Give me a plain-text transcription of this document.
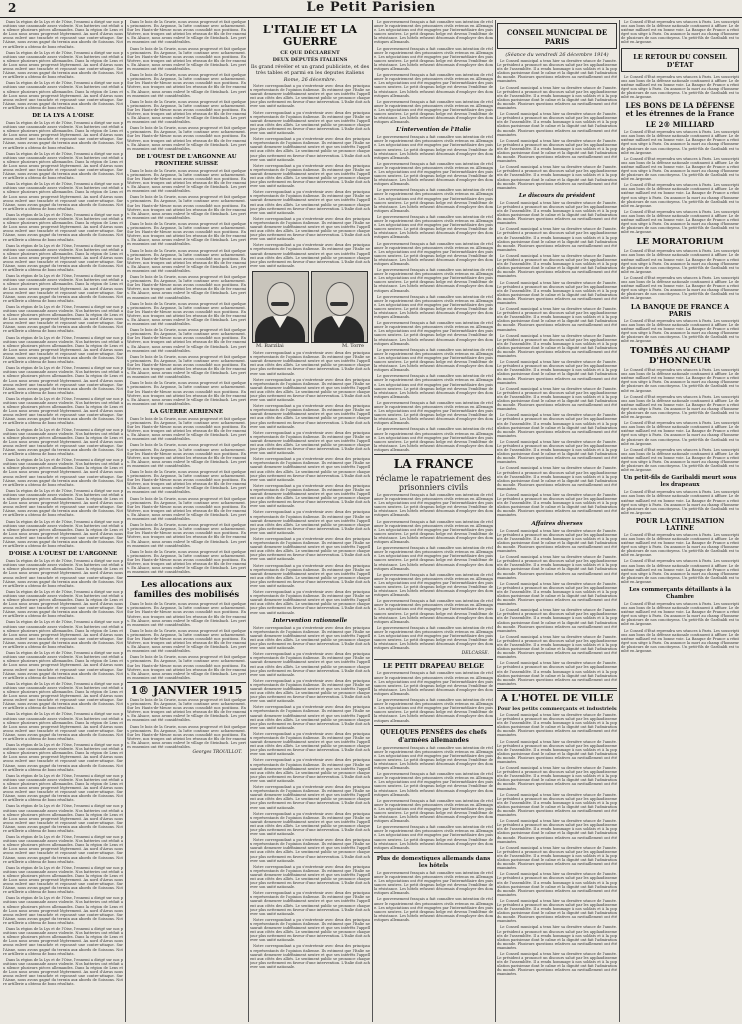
2	Le Petit Parisien

Dans la région de la Lys et de l'Oise, l'ennemi a dirigé sur nos positions une canonnade assez violente. Nos batteries ont réduit au silence plusieurs pièces allemandes. Dans la région de Lens et de Loos nous avons progressé légèrement. Au nord d'Arras nous avons enlevé une tranchée et repoussé une contre-attaque. Sur l'Aisne, nous avons gagné du terrain aux abords de Soissons. Notre artillerie a obtenu de bons résultats.

Dans la région de la Lys et de l'Oise, l'ennemi a dirigé sur nos positions une canonnade assez violente. Nos batteries ont réduit au silence plusieurs pièces allemandes. Dans la région de Lens et de Loos nous avons progressé légèrement. Au nord d'Arras nous avons enlevé une tranchée et repoussé une contre-attaque. Sur l'Aisne, nous avons gagné du terrain aux abords de Soissons. Notre artillerie a obtenu de bons résultats.

Dans la région de la Lys et de l'Oise, l'ennemi a dirigé sur nos positions une canonnade assez violente. Nos batteries ont réduit au silence plusieurs pièces allemandes. Dans la région de Lens et de Loos nous avons progressé légèrement. Au nord d'Arras nous avons enlevé une tranchée et repoussé une contre-attaque. Sur l'Aisne, nous avons gagné du terrain aux abords de Soissons. Notre artillerie a obtenu de bons résultats.

DE LA LYS A L'OISE

Dans la région de la Lys et de l'Oise, l'ennemi a dirigé sur nos positions une canonnade assez violente. Nos batteries ont réduit au silence plusieurs pièces allemandes. Dans la région de Lens et de Loos nous avons progressé légèrement. Au nord d'Arras nous avons enlevé une tranchée et repoussé une contre-attaque. Sur l'Aisne, nous avons gagné du terrain aux abords de Soissons. Notre artillerie a obtenu de bons résultats.

Dans la région de la Lys et de l'Oise, l'ennemi a dirigé sur nos positions une canonnade assez violente. Nos batteries ont réduit au silence plusieurs pièces allemandes. Dans la région de Lens et de Loos nous avons progressé légèrement. Au nord d'Arras nous avons enlevé une tranchée et repoussé une contre-attaque. Sur l'Aisne, nous avons gagné du terrain aux abords de Soissons. Notre artillerie a obtenu de bons résultats.

Dans la région de la Lys et de l'Oise, l'ennemi a dirigé sur nos positions une canonnade assez violente. Nos batteries ont réduit au silence plusieurs pièces allemandes. Dans la région de Lens et de Loos nous avons progressé légèrement. Au nord d'Arras nous avons enlevé une tranchée et repoussé une contre-attaque. Sur l'Aisne, nous avons gagné du terrain aux abords de Soissons. Notre artillerie a obtenu de bons résultats.

Dans la région de la Lys et de l'Oise, l'ennemi a dirigé sur nos positions une canonnade assez violente. Nos batteries ont réduit au silence plusieurs pièces allemandes. Dans la région de Lens et de Loos nous avons progressé légèrement. Au nord d'Arras nous avons enlevé une tranchée et repoussé une contre-attaque. Sur l'Aisne, nous avons gagné du terrain aux abords de Soissons. Notre artillerie a obtenu de bons résultats.

Dans la région de la Lys et de l'Oise, l'ennemi a dirigé sur nos positions une canonnade assez violente. Nos batteries ont réduit au silence plusieurs pièces allemandes. Dans la région de Lens et de Loos nous avons progressé légèrement. Au nord d'Arras nous avons enlevé une tranchée et repoussé une contre-attaque. Sur l'Aisne, nous avons gagné du terrain aux abords de Soissons. Notre artillerie a obtenu de bons résultats.

Dans la région de la Lys et de l'Oise, l'ennemi a dirigé sur nos positions une canonnade assez violente. Nos batteries ont réduit au silence plusieurs pièces allemandes. Dans la région de Lens et de Loos nous avons progressé légèrement. Au nord d'Arras nous avons enlevé une tranchée et repoussé une contre-attaque. Sur l'Aisne, nous avons gagné du terrain aux abords de Soissons. Notre artillerie a obtenu de bons résultats.

Dans la région de la Lys et de l'Oise, l'ennemi a dirigé sur nos positions une canonnade assez violente. Nos batteries ont réduit au silence plusieurs pièces allemandes. Dans la région de Lens et de Loos nous avons progressé légèrement. Au nord d'Arras nous avons enlevé une tranchée et repoussé une contre-attaque. Sur l'Aisne, nous avons gagné du terrain aux abords de Soissons. Notre artillerie a obtenu de bons résultats.

Dans la région de la Lys et de l'Oise, l'ennemi a dirigé sur nos positions une canonnade assez violente. Nos batteries ont réduit au silence plusieurs pièces allemandes. Dans la région de Lens et de Loos nous avons progressé légèrement. Au nord d'Arras nous avons enlevé une tranchée et repoussé une contre-attaque. Sur l'Aisne, nous avons gagné du terrain aux abords de Soissons. Notre artillerie a obtenu de bons résultats.

Dans la région de la Lys et de l'Oise, l'ennemi a dirigé sur nos positions une canonnade assez violente. Nos batteries ont réduit au silence plusieurs pièces allemandes. Dans la région de Lens et de Loos nous avons progressé légèrement. Au nord d'Arras nous avons enlevé une tranchée et repoussé une contre-attaque. Sur l'Aisne, nous avons gagné du terrain aux abords de Soissons. Notre artillerie a obtenu de bons résultats.

Dans la région de la Lys et de l'Oise, l'ennemi a dirigé sur nos positions une canonnade assez violente. Nos batteries ont réduit au silence plusieurs pièces allemandes. Dans la région de Lens et de Loos nous avons progressé légèrement. Au nord d'Arras nous avons enlevé une tranchée et repoussé une contre-attaque. Sur l'Aisne, nous avons gagné du terrain aux abords de Soissons. Notre artillerie a obtenu de bons résultats.

Dans la région de la Lys et de l'Oise, l'ennemi a dirigé sur nos positions une canonnade assez violente. Nos batteries ont réduit au silence plusieurs pièces allemandes. Dans la région de Lens et de Loos nous avons progressé légèrement. Au nord d'Arras nous avons enlevé une tranchée et repoussé une contre-attaque. Sur l'Aisne, nous avons gagné du terrain aux abords de Soissons. Notre artillerie a obtenu de bons résultats.

Dans la région de la Lys et de l'Oise, l'ennemi a dirigé sur nos positions une canonnade assez violente. Nos batteries ont réduit au silence plusieurs pièces allemandes. Dans la région de Lens et de Loos nous avons progressé légèrement. Au nord d'Arras nous avons enlevé une tranchée et repoussé une contre-attaque. Sur l'Aisne, nous avons gagné du terrain aux abords de Soissons. Notre artillerie a obtenu de bons résultats.

Dans la région de la Lys et de l'Oise, l'ennemi a dirigé sur nos positions une canonnade assez violente. Nos batteries ont réduit au silence plusieurs pièces allemandes. Dans la région de Lens et de Loos nous avons progressé légèrement. Au nord d'Arras nous avons enlevé une tranchée et repoussé une contre-attaque. Sur l'Aisne, nous avons gagné du terrain aux abords de Soissons. Notre artillerie a obtenu de bons résultats.

Dans la région de la Lys et de l'Oise, l'ennemi a dirigé sur nos positions une canonnade assez violente. Nos batteries ont réduit au silence plusieurs pièces allemandes. Dans la région de Lens et de Loos nous avons progressé légèrement. Au nord d'Arras nous avons enlevé une tranchée et repoussé une contre-attaque. Sur l'Aisne, nous avons gagné du terrain aux abords de Soissons. Notre artillerie a obtenu de bons résultats.

D'OISE A L'OUEST DE L'ARGONNE

Dans la région de la Lys et de l'Oise, l'ennemi a dirigé sur nos positions une canonnade assez violente. Nos batteries ont réduit au silence plusieurs pièces allemandes. Dans la région de Lens et de Loos nous avons progressé légèrement. Au nord d'Arras nous avons enlevé une tranchée et repoussé une contre-attaque. Sur l'Aisne, nous avons gagné du terrain aux abords de Soissons. Notre artillerie a obtenu de bons résultats.

Dans la région de la Lys et de l'Oise, l'ennemi a dirigé sur nos positions une canonnade assez violente. Nos batteries ont réduit au silence plusieurs pièces allemandes. Dans la région de Lens et de Loos nous avons progressé légèrement. Au nord d'Arras nous avons enlevé une tranchée et repoussé une contre-attaque. Sur l'Aisne, nous avons gagné du terrain aux abords de Soissons. Notre artillerie a obtenu de bons résultats.

Dans la région de la Lys et de l'Oise, l'ennemi a dirigé sur nos positions une canonnade assez violente. Nos batteries ont réduit au silence plusieurs pièces allemandes. Dans la région de Lens et de Loos nous avons progressé légèrement. Au nord d'Arras nous avons enlevé une tranchée et repoussé une contre-attaque. Sur l'Aisne, nous avons gagné du terrain aux abords de Soissons. Notre artillerie a obtenu de bons résultats.

Dans la région de la Lys et de l'Oise, l'ennemi a dirigé sur nos positions une canonnade assez violente. Nos batteries ont réduit au silence plusieurs pièces allemandes. Dans la région de Lens et de Loos nous avons progressé légèrement. Au nord d'Arras nous avons enlevé une tranchée et repoussé une contre-attaque. Sur l'Aisne, nous avons gagné du terrain aux abords de Soissons. Notre artillerie a obtenu de bons résultats.

Dans la région de la Lys et de l'Oise, l'ennemi a dirigé sur nos positions une canonnade assez violente. Nos batteries ont réduit au silence plusieurs pièces allemandes. Dans la région de Lens et de Loos nous avons progressé légèrement. Au nord d'Arras nous avons enlevé une tranchée et repoussé une contre-attaque. Sur l'Aisne, nous avons gagné du terrain aux abords de Soissons. Notre artillerie a obtenu de bons résultats.

Dans la région de la Lys et de l'Oise, l'ennemi a dirigé sur nos positions une canonnade assez violente. Nos batteries ont réduit au silence plusieurs pièces allemandes. Dans la région de Lens et de Loos nous avons progressé légèrement. Au nord d'Arras nous avons enlevé une tranchée et repoussé une contre-attaque. Sur l'Aisne, nous avons gagné du terrain aux abords de Soissons. Notre artillerie a obtenu de bons résultats.

Dans la région de la Lys et de l'Oise, l'ennemi a dirigé sur nos positions une canonnade assez violente. Nos batteries ont réduit au silence plusieurs pièces allemandes. Dans la région de Lens et de Loos nous avons progressé légèrement. Au nord d'Arras nous avons enlevé une tranchée et repoussé une contre-attaque. Sur l'Aisne, nous avons gagné du terrain aux abords de Soissons. Notre artillerie a obtenu de bons résultats.

Dans la région de la Lys et de l'Oise, l'ennemi a dirigé sur nos positions une canonnade assez violente. Nos batteries ont réduit au silence plusieurs pièces allemandes. Dans la région de Lens et de Loos nous avons progressé légèrement. Au nord d'Arras nous avons enlevé une tranchée et repoussé une contre-attaque. Sur l'Aisne, nous avons gagné du terrain aux abords de Soissons. Notre artillerie a obtenu de bons résultats.

Dans la région de la Lys et de l'Oise, l'ennemi a dirigé sur nos positions une canonnade assez violente. Nos batteries ont réduit au silence plusieurs pièces allemandes. Dans la région de Lens et de Loos nous avons progressé légèrement. Au nord d'Arras nous avons enlevé une tranchée et repoussé une contre-attaque. Sur l'Aisne, nous avons gagné du terrain aux abords de Soissons. Notre artillerie a obtenu de bons résultats.

Dans la région de la Lys et de l'Oise, l'ennemi a dirigé sur nos positions une canonnade assez violente. Nos batteries ont réduit au silence plusieurs pièces allemandes. Dans la région de Lens et de Loos nous avons progressé légèrement. Au nord d'Arras nous avons enlevé une tranchée et repoussé une contre-attaque. Sur l'Aisne, nous avons gagné du terrain aux abords de Soissons. Notre artillerie a obtenu de bons résultats.

Dans la région de la Lys et de l'Oise, l'ennemi a dirigé sur nos positions une canonnade assez violente. Nos batteries ont réduit au silence plusieurs pièces allemandes. Dans la région de Lens et de Loos nous avons progressé légèrement. Au nord d'Arras nous avons enlevé une tranchée et repoussé une contre-attaque. Sur l'Aisne, nous avons gagné du terrain aux abords de Soissons. Notre artillerie a obtenu de bons résultats.

Dans la région de la Lys et de l'Oise, l'ennemi a dirigé sur nos positions une canonnade assez violente. Nos batteries ont réduit au silence plusieurs pièces allemandes. Dans la région de Lens et de Loos nous avons progressé légèrement. Au nord d'Arras nous avons enlevé une tranchée et repoussé une contre-attaque. Sur l'Aisne, nous avons gagné du terrain aux abords de Soissons. Notre artillerie a obtenu de bons résultats.

Dans la région de la Lys et de l'Oise, l'ennemi a dirigé sur nos positions une canonnade assez violente. Nos batteries ont réduit au silence plusieurs pièces allemandes. Dans la région de Lens et de Loos nous avons progressé légèrement. Au nord d'Arras nous avons enlevé une tranchée et repoussé une contre-attaque. Sur l'Aisne, nous avons gagné du terrain aux abords de Soissons. Notre artillerie a obtenu de bons résultats.

Dans la région de la Lys et de l'Oise, l'ennemi a dirigé sur nos positions une canonnade assez violente. Nos batteries ont réduit au silence plusieurs pièces allemandes. Dans la région de Lens et de Loos nous avons progressé légèrement. Au nord d'Arras nous avons enlevé une tranchée et repoussé une contre-attaque. Sur l'Aisne, nous avons gagné du terrain aux abords de Soissons. Notre artillerie a obtenu de bons résultats.

Dans le bois de la Grurie, nous avons progressé et fait quelques prisonniers. En Argonne, la lutte continue avec acharnement. Sur les Hauts-de-Meuse nous avons consolidé nos positions. En Woëvre, nos troupes ont atteint les réseaux de fils de fer ennemis. En Alsace, nous avons enlevé le village de Steinbach. Les pertes ennemies ont été considérables.

Dans le bois de la Grurie, nous avons progressé et fait quelques prisonniers. En Argonne, la lutte continue avec acharnement. Sur les Hauts-de-Meuse nous avons consolidé nos positions. En Woëvre, nos troupes ont atteint les réseaux de fils de fer ennemis. En Alsace, nous avons enlevé le village de Steinbach. Les pertes ennemies ont été considérables.

Dans le bois de la Grurie, nous avons progressé et fait quelques prisonniers. En Argonne, la lutte continue avec acharnement. Sur les Hauts-de-Meuse nous avons consolidé nos positions. En Woëvre, nos troupes ont atteint les réseaux de fils de fer ennemis. En Alsace, nous avons enlevé le village de Steinbach. Les pertes ennemies ont été considérables.

Dans le bois de la Grurie, nous avons progressé et fait quelques prisonniers. En Argonne, la lutte continue avec acharnement. Sur les Hauts-de-Meuse nous avons consolidé nos positions. En Woëvre, nos troupes ont atteint les réseaux de fils de fer ennemis. En Alsace, nous avons enlevé le village de Steinbach. Les pertes ennemies ont été considérables.

Dans le bois de la Grurie, nous avons progressé et fait quelques prisonniers. En Argonne, la lutte continue avec acharnement. Sur les Hauts-de-Meuse nous avons consolidé nos positions. En Woëvre, nos troupes ont atteint les réseaux de fils de fer ennemis. En Alsace, nous avons enlevé le village de Steinbach. Les pertes ennemies ont été considérables.

DE L'OUEST DE L'ARGONNE AU FRONTIERE SUISSE

Dans le bois de la Grurie, nous avons progressé et fait quelques prisonniers. En Argonne, la lutte continue avec acharnement. Sur les Hauts-de-Meuse nous avons consolidé nos positions. En Woëvre, nos troupes ont atteint les réseaux de fils de fer ennemis. En Alsace, nous avons enlevé le village de Steinbach. Les pertes ennemies ont été considérables.

Dans le bois de la Grurie, nous avons progressé et fait quelques prisonniers. En Argonne, la lutte continue avec acharnement. Sur les Hauts-de-Meuse nous avons consolidé nos positions. En Woëvre, nos troupes ont atteint les réseaux de fils de fer ennemis. En Alsace, nous avons enlevé le village de Steinbach. Les pertes ennemies ont été considérables.

Dans le bois de la Grurie, nous avons progressé et fait quelques prisonniers. En Argonne, la lutte continue avec acharnement. Sur les Hauts-de-Meuse nous avons consolidé nos positions. En Woëvre, nos troupes ont atteint les réseaux de fils de fer ennemis. En Alsace, nous avons enlevé le village de Steinbach. Les pertes ennemies ont été considérables.

Dans le bois de la Grurie, nous avons progressé et fait quelques prisonniers. En Argonne, la lutte continue avec acharnement. Sur les Hauts-de-Meuse nous avons consolidé nos positions. En Woëvre, nos troupes ont atteint les réseaux de fils de fer ennemis. En Alsace, nous avons enlevé le village de Steinbach. Les pertes ennemies ont été considérables.

Dans le bois de la Grurie, nous avons progressé et fait quelques prisonniers. En Argonne, la lutte continue avec acharnement. Sur les Hauts-de-Meuse nous avons consolidé nos positions. En Woëvre, nos troupes ont atteint les réseaux de fils de fer ennemis. En Alsace, nous avons enlevé le village de Steinbach. Les pertes ennemies ont été considérables.

Dans le bois de la Grurie, nous avons progressé et fait quelques prisonniers. En Argonne, la lutte continue avec acharnement. Sur les Hauts-de-Meuse nous avons consolidé nos positions. En Woëvre, nos troupes ont atteint les réseaux de fils de fer ennemis. En Alsace, nous avons enlevé le village de Steinbach. Les pertes ennemies ont été considérables.

Dans le bois de la Grurie, nous avons progressé et fait quelques prisonniers. En Argonne, la lutte continue avec acharnement. Sur les Hauts-de-Meuse nous avons consolidé nos positions. En Woëvre, nos troupes ont atteint les réseaux de fils de fer ennemis. En Alsace, nous avons enlevé le village de Steinbach. Les pertes ennemies ont été considérables.

Dans le bois de la Grurie, nous avons progressé et fait quelques prisonniers. En Argonne, la lutte continue avec acharnement. Sur les Hauts-de-Meuse nous avons consolidé nos positions. En Woëvre, nos troupes ont atteint les réseaux de fils de fer ennemis. En Alsace, nous avons enlevé le village de Steinbach. Les pertes ennemies ont été considérables.

Dans le bois de la Grurie, nous avons progressé et fait quelques prisonniers. En Argonne, la lutte continue avec acharnement. Sur les Hauts-de-Meuse nous avons consolidé nos positions. En Woëvre, nos troupes ont atteint les réseaux de fils de fer ennemis. En Alsace, nous avons enlevé le village de Steinbach. Les pertes ennemies ont été considérables.

LA GUERRE AERIENNE

Dans le bois de la Grurie, nous avons progressé et fait quelques prisonniers. En Argonne, la lutte continue avec acharnement. Sur les Hauts-de-Meuse nous avons consolidé nos positions. En Woëvre, nos troupes ont atteint les réseaux de fils de fer ennemis. En Alsace, nous avons enlevé le village de Steinbach. Les pertes ennemies ont été considérables.

Dans le bois de la Grurie, nous avons progressé et fait quelques prisonniers. En Argonne, la lutte continue avec acharnement. Sur les Hauts-de-Meuse nous avons consolidé nos positions. En Woëvre, nos troupes ont atteint les réseaux de fils de fer ennemis. En Alsace, nous avons enlevé le village de Steinbach. Les pertes ennemies ont été considérables.

Dans le bois de la Grurie, nous avons progressé et fait quelques prisonniers. En Argonne, la lutte continue avec acharnement. Sur les Hauts-de-Meuse nous avons consolidé nos positions. En Woëvre, nos troupes ont atteint les réseaux de fils de fer ennemis. En Alsace, nous avons enlevé le village de Steinbach. Les pertes ennemies ont été considérables.

Dans le bois de la Grurie, nous avons progressé et fait quelques prisonniers. En Argonne, la lutte continue avec acharnement. Sur les Hauts-de-Meuse nous avons consolidé nos positions. En Woëvre, nos troupes ont atteint les réseaux de fils de fer ennemis. En Alsace, nous avons enlevé le village de Steinbach. Les pertes ennemies ont été considérables.

Dans le bois de la Grurie, nous avons progressé et fait quelques prisonniers. En Argonne, la lutte continue avec acharnement. Sur les Hauts-de-Meuse nous avons consolidé nos positions. En Woëvre, nos troupes ont atteint les réseaux de fils de fer ennemis. En Alsace, nous avons enlevé le village de Steinbach. Les pertes ennemies ont été considérables.

Dans le bois de la Grurie, nous avons progressé et fait quelques prisonniers. En Argonne, la lutte continue avec acharnement. Sur les Hauts-de-Meuse nous avons consolidé nos positions. En Woëvre, nos troupes ont atteint les réseaux de fils de fer ennemis. En Alsace, nous avons enlevé le village de Steinbach. Les pertes ennemies ont été considérables.

Les allocations aux familles des mobilisés

Dans le bois de la Grurie, nous avons progressé et fait quelques prisonniers. En Argonne, la lutte continue avec acharnement. Sur les Hauts-de-Meuse nous avons consolidé nos positions. En Woëvre, nos troupes ont atteint les réseaux de fils de fer ennemis. En Alsace, nous avons enlevé le village de Steinbach. Les pertes ennemies ont été considérables.

Dans le bois de la Grurie, nous avons progressé et fait quelques prisonniers. En Argonne, la lutte continue avec acharnement. Sur les Hauts-de-Meuse nous avons consolidé nos positions. En Woëvre, nos troupes ont atteint les réseaux de fils de fer ennemis. En Alsace, nous avons enlevé le village de Steinbach. Les pertes ennemies ont été considérables.

Dans le bois de la Grurie, nous avons progressé et fait quelques prisonniers. En Argonne, la lutte continue avec acharnement. Sur les Hauts-de-Meuse nous avons consolidé nos positions. En Woëvre, nos troupes ont atteint les réseaux de fils de fer ennemis. En Alsace, nous avons enlevé le village de Steinbach. Les pertes ennemies ont été considérables.

1® JANVIER 1915

Dans le bois de la Grurie, nous avons progressé et fait quelques prisonniers. En Argonne, la lutte continue avec acharnement. Sur les Hauts-de-Meuse nous avons consolidé nos positions. En Woëvre, nos troupes ont atteint les réseaux de fils de fer ennemis. En Alsace, nous avons enlevé le village de Steinbach. Les pertes ennemies ont été considérables.

Dans le bois de la Grurie, nous avons progressé et fait quelques prisonniers. En Argonne, la lutte continue avec acharnement. Sur les Hauts-de-Meuse nous avons consolidé nos positions. En Woëvre, nos troupes ont atteint les réseaux de fils de fer ennemis. En Alsace, nous avons enlevé le village de Steinbach. Les pertes ennemies ont été considérables.

Georges TROUILLOT.
L'ITALIE ET LA GUERRE
CE QUE DÉCLARENT
DEUX DÉPUTÉS ITALIENS
Ils grand révéler et un grand publiciste, et des très tables et parmi en les deputes italiens
Rome, 26 décembre.

Notre correspondant a pu s'entretenir avec deux des principaux représentants de l'opinion italienne. Ils estiment que l'Italie ne saurait demeurer indéfiniment neutre et que ses intérêts l'appellent aux côtés des alliés. Le sentiment public se prononce chaque jour plus nettement en faveur d'une intervention. L'Italie doit achever son unité nationale.

Notre correspondant a pu s'entretenir avec deux des principaux représentants de l'opinion italienne. Ils estiment que l'Italie ne saurait demeurer indéfiniment neutre et que ses intérêts l'appellent aux côtés des alliés. Le sentiment public se prononce chaque jour plus nettement en faveur d'une intervention. L'Italie doit achever son unité nationale.

Notre correspondant a pu s'entretenir avec deux des principaux représentants de l'opinion italienne. Ils estiment que l'Italie ne saurait demeurer indéfiniment neutre et que ses intérêts l'appellent aux côtés des alliés. Le sentiment public se prononce chaque jour plus nettement en faveur d'une intervention. L'Italie doit achever son unité nationale.

Notre correspondant a pu s'entretenir avec deux des principaux représentants de l'opinion italienne. Ils estiment que l'Italie ne saurait demeurer indéfiniment neutre et que ses intérêts l'appellent aux côtés des alliés. Le sentiment public se prononce chaque jour plus nettement en faveur d'une intervention. L'Italie doit achever son unité nationale.

Notre correspondant a pu s'entretenir avec deux des principaux représentants de l'opinion italienne. Ils estiment que l'Italie ne saurait demeurer indéfiniment neutre et que ses intérêts l'appellent aux côtés des alliés. Le sentiment public se prononce chaque jour plus nettement en faveur d'une intervention. L'Italie doit achever son unité nationale.

Notre correspondant a pu s'entretenir avec deux des principaux représentants de l'opinion italienne. Ils estiment que l'Italie ne saurait demeurer indéfiniment neutre et que ses intérêts l'appellent aux côtés des alliés. Le sentiment public se prononce chaque jour plus nettement en faveur d'une intervention. L'Italie doit achever son unité nationale.

Notre correspondant a pu s'entretenir avec deux des principaux représentants de l'opinion italienne. Ils estiment que l'Italie ne saurait demeurer indéfiniment neutre et que ses intérêts l'appellent aux côtés des alliés. Le sentiment public se prononce chaque jour plus nettement en faveur d'une intervention. L'Italie doit achever son unité nationale.

M. Barzilai	M. Torre

Notre correspondant a pu s'entretenir avec deux des principaux représentants de l'opinion italienne. Ils estiment que l'Italie ne saurait demeurer indéfiniment neutre et que ses intérêts l'appellent aux côtés des alliés. Le sentiment public se prononce chaque jour plus nettement en faveur d'une intervention. L'Italie doit achever son unité nationale.

Notre correspondant a pu s'entretenir avec deux des principaux représentants de l'opinion italienne. Ils estiment que l'Italie ne saurait demeurer indéfiniment neutre et que ses intérêts l'appellent aux côtés des alliés. Le sentiment public se prononce chaque jour plus nettement en faveur d'une intervention. L'Italie doit achever son unité nationale.

Notre correspondant a pu s'entretenir avec deux des principaux représentants de l'opinion italienne. Ils estiment que l'Italie ne saurait demeurer indéfiniment neutre et que ses intérêts l'appellent aux côtés des alliés. Le sentiment public se prononce chaque jour plus nettement en faveur d'une intervention. L'Italie doit achever son unité nationale.

Notre correspondant a pu s'entretenir avec deux des principaux représentants de l'opinion italienne. Ils estiment que l'Italie ne saurait demeurer indéfiniment neutre et que ses intérêts l'appellent aux côtés des alliés. Le sentiment public se prononce chaque jour plus nettement en faveur d'une intervention. L'Italie doit achever son unité nationale.

Notre correspondant a pu s'entretenir avec deux des principaux représentants de l'opinion italienne. Ils estiment que l'Italie ne saurait demeurer indéfiniment neutre et que ses intérêts l'appellent aux côtés des alliés. Le sentiment public se prononce chaque jour plus nettement en faveur d'une intervention. L'Italie doit achever son unité nationale.

Notre correspondant a pu s'entretenir avec deux des principaux représentants de l'opinion italienne. Ils estiment que l'Italie ne saurait demeurer indéfiniment neutre et que ses intérêts l'appellent aux côtés des alliés. Le sentiment public se prononce chaque jour plus nettement en faveur d'une intervention. L'Italie doit achever son unité nationale.

Notre correspondant a pu s'entretenir avec deux des principaux représentants de l'opinion italienne. Ils estiment que l'Italie ne saurait demeurer indéfiniment neutre et que ses intérêts l'appellent aux côtés des alliés. Le sentiment public se prononce chaque jour plus nettement en faveur d'une intervention. L'Italie doit achever son unité nationale.

Notre correspondant a pu s'entretenir avec deux des principaux représentants de l'opinion italienne. Ils estiment que l'Italie ne saurait demeurer indéfiniment neutre et que ses intérêts l'appellent aux côtés des alliés. Le sentiment public se prononce chaque jour plus nettement en faveur d'une intervention. L'Italie doit achever son unité nationale.

Notre correspondant a pu s'entretenir avec deux des principaux représentants de l'opinion italienne. Ils estiment que l'Italie ne saurait demeurer indéfiniment neutre et que ses intérêts l'appellent aux côtés des alliés. Le sentiment public se prononce chaque jour plus nettement en faveur d'une intervention. L'Italie doit achever son unité nationale.

Notre correspondant a pu s'entretenir avec deux des principaux représentants de l'opinion italienne. Ils estiment que l'Italie ne saurait demeurer indéfiniment neutre et que ses intérêts l'appellent aux côtés des alliés. Le sentiment public se prononce chaque jour plus nettement en faveur d'une intervention. L'Italie doit achever son unité nationale.

Intervention rationnelle

Notre correspondant a pu s'entretenir avec deux des principaux représentants de l'opinion italienne. Ils estiment que l'Italie ne saurait demeurer indéfiniment neutre et que ses intérêts l'appellent aux côtés des alliés. Le sentiment public se prononce chaque jour plus nettement en faveur d'une intervention. L'Italie doit achever son unité nationale.

Notre correspondant a pu s'entretenir avec deux des principaux représentants de l'opinion italienne. Ils estiment que l'Italie ne saurait demeurer indéfiniment neutre et que ses intérêts l'appellent aux côtés des alliés. Le sentiment public se prononce chaque jour plus nettement en faveur d'une intervention. L'Italie doit achever son unité nationale.

Notre correspondant a pu s'entretenir avec deux des principaux représentants de l'opinion italienne. Ils estiment que l'Italie ne saurait demeurer indéfiniment neutre et que ses intérêts l'appellent aux côtés des alliés. Le sentiment public se prononce chaque jour plus nettement en faveur d'une intervention. L'Italie doit achever son unité nationale.

Notre correspondant a pu s'entretenir avec deux des principaux représentants de l'opinion italienne. Ils estiment que l'Italie ne saurait demeurer indéfiniment neutre et que ses intérêts l'appellent aux côtés des alliés. Le sentiment public se prononce chaque jour plus nettement en faveur d'une intervention. L'Italie doit achever son unité nationale.

Notre correspondant a pu s'entretenir avec deux des principaux représentants de l'opinion italienne. Ils estiment que l'Italie ne saurait demeurer indéfiniment neutre et que ses intérêts l'appellent aux côtés des alliés. Le sentiment public se prononce chaque jour plus nettement en faveur d'une intervention. L'Italie doit achever son unité nationale.

Notre correspondant a pu s'entretenir avec deux des principaux représentants de l'opinion italienne. Ils estiment que l'Italie ne saurait demeurer indéfiniment neutre et que ses intérêts l'appellent aux côtés des alliés. Le sentiment public se prononce chaque jour plus nettement en faveur d'une intervention. L'Italie doit achever son unité nationale.

Notre correspondant a pu s'entretenir avec deux des principaux représentants de l'opinion italienne. Ils estiment que l'Italie ne saurait demeurer indéfiniment neutre et que ses intérêts l'appellent aux côtés des alliés. Le sentiment public se prononce chaque jour plus nettement en faveur d'une intervention. L'Italie doit achever son unité nationale.

Notre correspondant a pu s'entretenir avec deux des principaux représentants de l'opinion italienne. Ils estiment que l'Italie ne saurait demeurer indéfiniment neutre et que ses intérêts l'appellent aux côtés des alliés. Le sentiment public se prononce chaque jour plus nettement en faveur d'une intervention. L'Italie doit achever son unité nationale.

Notre correspondant a pu s'entretenir avec deux des principaux représentants de l'opinion italienne. Ils estiment que l'Italie ne saurait demeurer indéfiniment neutre et que ses intérêts l'appellent aux côtés des alliés. Le sentiment public se prononce chaque jour plus nettement en faveur d'une intervention. L'Italie doit achever son unité nationale.

Notre correspondant a pu s'entretenir avec deux des principaux représentants de l'opinion italienne. Ils estiment que l'Italie ne saurait demeurer indéfiniment neutre et que ses intérêts l'appellent aux côtés des alliés. Le sentiment public se prononce chaque jour plus nettement en faveur d'une intervention. L'Italie doit achever son unité nationale.

Notre correspondant a pu s'entretenir avec deux des principaux représentants de l'opinion italienne. Ils estiment que l'Italie ne saurait demeurer indéfiniment neutre et que ses intérêts l'appellent aux côtés des alliés. Le sentiment public se prononce chaque jour plus nettement en faveur d'une intervention. L'Italie doit achever son unité nationale.

Notre correspondant a pu s'entretenir avec deux des principaux représentants de l'opinion italienne. Ils estiment que l'Italie ne saurait demeurer indéfiniment neutre et que ses intérêts l'appellent aux côtés des alliés. Le sentiment public se prononce chaque jour plus nettement en faveur d'une intervention. L'Italie doit achever son unité nationale.

Notre correspondant a pu s'entretenir avec deux des principaux représentants de l'opinion italienne. Ils estiment que l'Italie ne saurait demeurer indéfiniment neutre et que ses intérêts l'appellent aux côtés des alliés. Le sentiment public se prononce chaque jour plus nettement en faveur d'une intervention. L'Italie doit achever son unité nationale.

Le gouvernement français a fait connaître son intention de réclamer le rapatriement des prisonniers civils retenus en Allemagne. Les négociations ont été engagées par l'intermédiaire des puissances neutres. Le petit drapeau belge est devenu l'emblème de la résistance. Les hôtels refusent désormais d'employer des domestiques allemands.

Le gouvernement français a fait connaître son intention de réclamer le rapatriement des prisonniers civils retenus en Allemagne. Les négociations ont été engagées par l'intermédiaire des puissances neutres. Le petit drapeau belge est devenu l'emblème de la résistance. Les hôtels refusent désormais d'employer des domestiques allemands.

Le gouvernement français a fait connaître son intention de réclamer le rapatriement des prisonniers civils retenus en Allemagne. Les négociations ont été engagées par l'intermédiaire des puissances neutres. Le petit drapeau belge est devenu l'emblème de la résistance. Les hôtels refusent désormais d'employer des domestiques allemands.

Le gouvernement français a fait connaître son intention de réclamer le rapatriement des prisonniers civils retenus en Allemagne. Les négociations ont été engagées par l'intermédiaire des puissances neutres. Le petit drapeau belge est devenu l'emblème de la résistance. Les hôtels refusent désormais d'employer des domestiques allemands.

L'intervention de l'Italie

Le gouvernement français a fait connaître son intention de réclamer le rapatriement des prisonniers civils retenus en Allemagne. Les négociations ont été engagées par l'intermédiaire des puissances neutres. Le petit drapeau belge est devenu l'emblème de la résistance. Les hôtels refusent désormais d'employer des domestiques allemands.

Le gouvernement français a fait connaître son intention de réclamer le rapatriement des prisonniers civils retenus en Allemagne. Les négociations ont été engagées par l'intermédiaire des puissances neutres. Le petit drapeau belge est devenu l'emblème de la résistance. Les hôtels refusent désormais d'employer des domestiques allemands.

Le gouvernement français a fait connaître son intention de réclamer le rapatriement des prisonniers civils retenus en Allemagne. Les négociations ont été engagées par l'intermédiaire des puissances neutres. Le petit drapeau belge est devenu l'emblème de la résistance. Les hôtels refusent désormais d'employer des domestiques allemands.

Le gouvernement français a fait connaître son intention de réclamer le rapatriement des prisonniers civils retenus en Allemagne. Les négociations ont été engagées par l'intermédiaire des puissances neutres. Le petit drapeau belge est devenu l'emblème de la résistance. Les hôtels refusent désormais d'employer des domestiques allemands.

Le gouvernement français a fait connaître son intention de réclamer le rapatriement des prisonniers civils retenus en Allemagne. Les négociations ont été engagées par l'intermédiaire des puissances neutres. Le petit drapeau belge est devenu l'emblème de la résistance. Les hôtels refusent désormais d'employer des domestiques allemands.

Le gouvernement français a fait connaître son intention de réclamer le rapatriement des prisonniers civils retenus en Allemagne. Les négociations ont été engagées par l'intermédiaire des puissances neutres. Le petit drapeau belge est devenu l'emblème de la résistance. Les hôtels refusent désormais d'employer des domestiques allemands.

Le gouvernement français a fait connaître son intention de réclamer le rapatriement des prisonniers civils retenus en Allemagne. Les négociations ont été engagées par l'intermédiaire des puissances neutres. Le petit drapeau belge est devenu l'emblème de la résistance. Les hôtels refusent désormais d'employer des domestiques allemands.

Le gouvernement français a fait connaître son intention de réclamer le rapatriement des prisonniers civils retenus en Allemagne. Les négociations ont été engagées par l'intermédiaire des puissances neutres. Le petit drapeau belge est devenu l'emblème de la résistance. Les hôtels refusent désormais d'employer des domestiques allemands.

Le gouvernement français a fait connaître son intention de réclamer le rapatriement des prisonniers civils retenus en Allemagne. Les négociations ont été engagées par l'intermédiaire des puissances neutres. Le petit drapeau belge est devenu l'emblème de la résistance. Les hôtels refusent désormais d'employer des domestiques allemands.

Le gouvernement français a fait connaître son intention de réclamer le rapatriement des prisonniers civils retenus en Allemagne. Les négociations ont été engagées par l'intermédiaire des puissances neutres. Le petit drapeau belge est devenu l'emblème de la résistance. Les hôtels refusent désormais d'employer des domestiques allemands.

Le gouvernement français a fait connaître son intention de réclamer le rapatriement des prisonniers civils retenus en Allemagne. Les négociations ont été engagées par l'intermédiaire des puissances neutres. Le petit drapeau belge est devenu l'emblème de la résistance. Les hôtels refusent désormais d'employer des domestiques allemands.

Le gouvernement français a fait connaître son intention de réclamer le rapatriement des prisonniers civils retenus en Allemagne. Les négociations ont été engagées par l'intermédiaire des puissances neutres. Le petit drapeau belge est devenu l'emblème de la résistance. Les hôtels refusent désormais d'employer des domestiques allemands.

LA FRANCE
réclame le rapatriement des prisonniers civils

Le gouvernement français a fait connaître son intention de réclamer le rapatriement des prisonniers civils retenus en Allemagne. Les négociations ont été engagées par l'intermédiaire des puissances neutres. Le petit drapeau belge est devenu l'emblème de la résistance. Les hôtels refusent désormais d'employer des domestiques allemands.

Le gouvernement français a fait connaître son intention de réclamer le rapatriement des prisonniers civils retenus en Allemagne. Les négociations ont été engagées par l'intermédiaire des puissances neutres. Le petit drapeau belge est devenu l'emblème de la résistance. Les hôtels refusent désormais d'employer des domestiques allemands.

Le gouvernement français a fait connaître son intention de réclamer le rapatriement des prisonniers civils retenus en Allemagne. Les négociations ont été engagées par l'intermédiaire des puissances neutres. Le petit drapeau belge est devenu l'emblème de la résistance. Les hôtels refusent désormais d'employer des domestiques allemands.

Le gouvernement français a fait connaître son intention de réclamer le rapatriement des prisonniers civils retenus en Allemagne. Les négociations ont été engagées par l'intermédiaire des puissances neutres. Le petit drapeau belge est devenu l'emblème de la résistance. Les hôtels refusent désormais d'employer des domestiques allemands.

Le gouvernement français a fait connaître son intention de réclamer le rapatriement des prisonniers civils retenus en Allemagne. Les négociations ont été engagées par l'intermédiaire des puissances neutres. Le petit drapeau belge est devenu l'emblème de la résistance. Les hôtels refusent désormais d'employer des domestiques allemands.

Le gouvernement français a fait connaître son intention de réclamer le rapatriement des prisonniers civils retenus en Allemagne. Les négociations ont été engagées par l'intermédiaire des puissances neutres. Le petit drapeau belge est devenu l'emblème de la résistance. Les hôtels refusent désormais d'employer des domestiques allemands.

DELCASSE.
LE PETIT DRAPEAU BELGE

Le gouvernement français a fait connaître son intention de réclamer le rapatriement des prisonniers civils retenus en Allemagne. Les négociations ont été engagées par l'intermédiaire des puissances neutres. Le petit drapeau belge est devenu l'emblème de la résistance. Les hôtels refusent désormais d'employer des domestiques allemands.

Le gouvernement français a fait connaître son intention de réclamer le rapatriement des prisonniers civils retenus en Allemagne. Les négociations ont été engagées par l'intermédiaire des puissances neutres. Le petit drapeau belge est devenu l'emblème de la résistance. Les hôtels refusent désormais d'employer des domestiques allemands.

QUELQUES PENSÉES des chefs d'armées allemandes

Le gouvernement français a fait connaître son intention de réclamer le rapatriement des prisonniers civils retenus en Allemagne. Les négociations ont été engagées par l'intermédiaire des puissances neutres. Le petit drapeau belge est devenu l'emblème de la résistance. Les hôtels refusent désormais d'employer des domestiques allemands.

Le gouvernement français a fait connaître son intention de réclamer le rapatriement des prisonniers civils retenus en Allemagne. Les négociations ont été engagées par l'intermédiaire des puissances neutres. Le petit drapeau belge est devenu l'emblème de la résistance. Les hôtels refusent désormais d'employer des domestiques allemands.

Le gouvernement français a fait connaître son intention de réclamer le rapatriement des prisonniers civils retenus en Allemagne. Les négociations ont été engagées par l'intermédiaire des puissances neutres. Le petit drapeau belge est devenu l'emblème de la résistance. Les hôtels refusent désormais d'employer des domestiques allemands.

Le gouvernement français a fait connaître son intention de réclamer le rapatriement des prisonniers civils retenus en Allemagne. Les négociations ont été engagées par l'intermédiaire des puissances neutres. Le petit drapeau belge est devenu l'emblème de la résistance. Les hôtels refusent désormais d'employer des domestiques allemands.

Plus de domestiques allemands dans les hôtels

Le gouvernement français a fait connaître son intention de réclamer le rapatriement des prisonniers civils retenus en Allemagne. Les négociations ont été engagées par l'intermédiaire des puissances neutres. Le petit drapeau belge est devenu l'emblème de la résistance. Les hôtels refusent désormais d'employer des domestiques allemands.

Le gouvernement français a fait connaître son intention de réclamer le rapatriement des prisonniers civils retenus en Allemagne. Les négociations ont été engagées par l'intermédiaire des puissances neutres. Le petit drapeau belge est devenu l'emblème de la résistance. Les hôtels refusent désormais d'employer des domestiques allemands.

CONSEIL MUNICIPAL DE PARIS
(Séance du vendredi 26 décembre 1914)

Le Conseil municipal a tenu hier sa dernière séance de l'année. Le président a prononcé un discours salué par les applaudissements de l'assemblée. Il a rendu hommage à nos soldats et à la population parisienne dont le calme et la dignité ont fait l'admiration du monde. Plusieurs questions relatives au ravitaillement ont été examinées.

Le Conseil municipal a tenu hier sa dernière séance de l'année. Le président a prononcé un discours salué par les applaudissements de l'assemblée. Il a rendu hommage à nos soldats et à la population parisienne dont le calme et la dignité ont fait l'admiration du monde. Plusieurs questions relatives au ravitaillement ont été examinées.

Le Conseil municipal a tenu hier sa dernière séance de l'année. Le président a prononcé un discours salué par les applaudissements de l'assemblée. Il a rendu hommage à nos soldats et à la population parisienne dont le calme et la dignité ont fait l'admiration du monde. Plusieurs questions relatives au ravitaillement ont été examinées.

Le Conseil municipal a tenu hier sa dernière séance de l'année. Le président a prononcé un discours salué par les applaudissements de l'assemblée. Il a rendu hommage à nos soldats et à la population parisienne dont le calme et la dignité ont fait l'admiration du monde. Plusieurs questions relatives au ravitaillement ont été examinées.

Le Conseil municipal a tenu hier sa dernière séance de l'année. Le président a prononcé un discours salué par les applaudissements de l'assemblée. Il a rendu hommage à nos soldats et à la population parisienne dont le calme et la dignité ont fait l'admiration du monde. Plusieurs questions relatives au ravitaillement ont été examinées.

Le discours du président

Le Conseil municipal a tenu hier sa dernière séance de l'année. Le président a prononcé un discours salué par les applaudissements de l'assemblée. Il a rendu hommage à nos soldats et à la population parisienne dont le calme et la dignité ont fait l'admiration du monde. Plusieurs questions relatives au ravitaillement ont été examinées.

Le Conseil municipal a tenu hier sa dernière séance de l'année. Le président a prononcé un discours salué par les applaudissements de l'assemblée. Il a rendu hommage à nos soldats et à la population parisienne dont le calme et la dignité ont fait l'admiration du monde. Plusieurs questions relatives au ravitaillement ont été examinées.

Le Conseil municipal a tenu hier sa dernière séance de l'année. Le président a prononcé un discours salué par les applaudissements de l'assemblée. Il a rendu hommage à nos soldats et à la population parisienne dont le calme et la dignité ont fait l'admiration du monde. Plusieurs questions relatives au ravitaillement ont été examinées.

Le Conseil municipal a tenu hier sa dernière séance de l'année. Le président a prononcé un discours salué par les applaudissements de l'assemblée. Il a rendu hommage à nos soldats et à la population parisienne dont le calme et la dignité ont fait l'admiration du monde. Plusieurs questions relatives au ravitaillement ont été examinées.

Le Conseil municipal a tenu hier sa dernière séance de l'année. Le président a prononcé un discours salué par les applaudissements de l'assemblée. Il a rendu hommage à nos soldats et à la population parisienne dont le calme et la dignité ont fait l'admiration du monde. Plusieurs questions relatives au ravitaillement ont été examinées.

Le Conseil municipal a tenu hier sa dernière séance de l'année. Le président a prononcé un discours salué par les applaudissements de l'assemblée. Il a rendu hommage à nos soldats et à la population parisienne dont le calme et la dignité ont fait l'admiration du monde. Plusieurs questions relatives au ravitaillement ont été examinées.

Le Conseil municipal a tenu hier sa dernière séance de l'année. Le président a prononcé un discours salué par les applaudissements de l'assemblée. Il a rendu hommage à nos soldats et à la population parisienne dont le calme et la dignité ont fait l'admiration du monde. Plusieurs questions relatives au ravitaillement ont été examinées.

Le Conseil municipal a tenu hier sa dernière séance de l'année. Le président a prononcé un discours salué par les applaudissements de l'assemblée. Il a rendu hommage à nos soldats et à la population parisienne dont le calme et la dignité ont fait l'admiration du monde. Plusieurs questions relatives au ravitaillement ont été examinées.

Le Conseil municipal a tenu hier sa dernière séance de l'année. Le président a prononcé un discours salué par les applaudissements de l'assemblée. Il a rendu hommage à nos soldats et à la population parisienne dont le calme et la dignité ont fait l'admiration du monde. Plusieurs questions relatives au ravitaillement ont été examinées.

Le Conseil municipal a tenu hier sa dernière séance de l'année. Le président a prononcé un discours salué par les applaudissements de l'assemblée. Il a rendu hommage à nos soldats et à la population parisienne dont le calme et la dignité ont fait l'admiration du monde. Plusieurs questions relatives au ravitaillement ont été examinées.

Le Conseil municipal a tenu hier sa dernière séance de l'année. Le président a prononcé un discours salué par les applaudissements de l'assemblée. Il a rendu hommage à nos soldats et à la population parisienne dont le calme et la dignité ont fait l'admiration du monde. Plusieurs questions relatives au ravitaillement ont été examinées.

Le Conseil municipal a tenu hier sa dernière séance de l'année. Le président a prononcé un discours salué par les applaudissements de l'assemblée. Il a rendu hommage à nos soldats et à la population parisienne dont le calme et la dignité ont fait l'admiration du monde. Plusieurs questions relatives au ravitaillement ont été examinées.

Affaires diverses

Le Conseil municipal a tenu hier sa dernière séance de l'année. Le président a prononcé un discours salué par les applaudissements de l'assemblée. Il a rendu hommage à nos soldats et à la population parisienne dont le calme et la dignité ont fait l'admiration du monde. Plusieurs questions relatives au ravitaillement ont été examinées.

Le Conseil municipal a tenu hier sa dernière séance de l'année. Le président a prononcé un discours salué par les applaudissements de l'assemblée. Il a rendu hommage à nos soldats et à la population parisienne dont le calme et la dignité ont fait l'admiration du monde. Plusieurs questions relatives au ravitaillement ont été examinées.

Le Conseil municipal a tenu hier sa dernière séance de l'année. Le président a prononcé un discours salué par les applaudissements de l'assemblée. Il a rendu hommage à nos soldats et à la population parisienne dont le calme et la dignité ont fait l'admiration du monde. Plusieurs questions relatives au ravitaillement ont été examinées.

Le Conseil municipal a tenu hier sa dernière séance de l'année. Le président a prononcé un discours salué par les applaudissements de l'assemblée. Il a rendu hommage à nos soldats et à la population parisienne dont le calme et la dignité ont fait l'admiration du monde. Plusieurs questions relatives au ravitaillement ont été examinées.

Le Conseil municipal a tenu hier sa dernière séance de l'année. Le président a prononcé un discours salué par les applaudissements de l'assemblée. Il a rendu hommage à nos soldats et à la population parisienne dont le calme et la dignité ont fait l'admiration du monde. Plusieurs questions relatives au ravitaillement ont été examinées.

Le Conseil municipal a tenu hier sa dernière séance de l'année. Le président a prononcé un discours salué par les applaudissements de l'assemblée. Il a rendu hommage à nos soldats et à la population parisienne dont le calme et la dignité ont fait l'admiration du monde. Plusieurs questions relatives au ravitaillement ont été examinées.

A L'HOTEL DE VILLE
Pour les petits commerçants et industriels

Le Conseil municipal a tenu hier sa dernière séance de l'année. Le président a prononcé un discours salué par les applaudissements de l'assemblée. Il a rendu hommage à nos soldats et à la population parisienne dont le calme et la dignité ont fait l'admiration du monde. Plusieurs questions relatives au ravitaillement ont été examinées.

Le Conseil municipal a tenu hier sa dernière séance de l'année. Le président a prononcé un discours salué par les applaudissements de l'assemblée. Il a rendu hommage à nos soldats et à la population parisienne dont le calme et la dignité ont fait l'admiration du monde. Plusieurs questions relatives au ravitaillement ont été examinées.

Le Conseil municipal a tenu hier sa dernière séance de l'année. Le président a prononcé un discours salué par les applaudissements de l'assemblée. Il a rendu hommage à nos soldats et à la population parisienne dont le calme et la dignité ont fait l'admiration du monde. Plusieurs questions relatives au ravitaillement ont été examinées.

Le Conseil municipal a tenu hier sa dernière séance de l'année. Le président a prononcé un discours salué par les applaudissements de l'assemblée. Il a rendu hommage à nos soldats et à la population parisienne dont le calme et la dignité ont fait l'admiration du monde. Plusieurs questions relatives au ravitaillement ont été examinées.

Le Conseil municipal a tenu hier sa dernière séance de l'année. Le président a prononcé un discours salué par les applaudissements de l'assemblée. Il a rendu hommage à nos soldats et à la population parisienne dont le calme et la dignité ont fait l'admiration du monde. Plusieurs questions relatives au ravitaillement ont été examinées.

Le Conseil municipal a tenu hier sa dernière séance de l'année. Le président a prononcé un discours salué par les applaudissements de l'assemblée. Il a rendu hommage à nos soldats et à la population parisienne dont le calme et la dignité ont fait l'admiration du monde. Plusieurs questions relatives au ravitaillement ont été examinées.

Le Conseil municipal a tenu hier sa dernière séance de l'année. Le président a prononcé un discours salué par les applaudissements de l'assemblée. Il a rendu hommage à nos soldats et à la population parisienne dont le calme et la dignité ont fait l'admiration du monde. Plusieurs questions relatives au ravitaillement ont été examinées.

Le Conseil municipal a tenu hier sa dernière séance de l'année. Le président a prononcé un discours salué par les applaudissements de l'assemblée. Il a rendu hommage à nos soldats et à la population parisienne dont le calme et la dignité ont fait l'admiration du monde. Plusieurs questions relatives au ravitaillement ont été examinées.

Le Conseil municipal a tenu hier sa dernière séance de l'année. Le président a prononcé un discours salué par les applaudissements de l'assemblée. Il a rendu hommage à nos soldats et à la population parisienne dont le calme et la dignité ont fait l'admiration du monde. Plusieurs questions relatives au ravitaillement ont été examinées.

Le Conseil municipal a tenu hier sa dernière séance de l'année. Le président a prononcé un discours salué par les applaudissements de l'assemblée. Il a rendu hommage à nos soldats et à la population parisienne dont le calme et la dignité ont fait l'admiration du monde. Plusieurs questions relatives au ravitaillement ont été examinées.

Le Conseil d'État reprendra ses séances à Paris. Les souscriptions aux bons de la défense nationale continuent à affluer. Le deuxième milliard est en bonne voie. La Banque de France a réintégré son siège à Paris. On annonce la mort au champ d'honneur de plusieurs de nos concitoyens. Un petit-fils de Garibaldi est tombé en Argonne.

LE RETOUR DU CONSEIL D'ÉTAT

Le Conseil d'État reprendra ses séances à Paris. Les souscriptions aux bons de la défense nationale continuent à affluer. Le deuxième milliard est en bonne voie. La Banque de France a réintégré son siège à Paris. On annonce la mort au champ d'honneur de plusieurs de nos concitoyens. Un petit-fils de Garibaldi est tombé en Argonne.

LES BONS DE LA DÉFENSE et les étrennes de la France
LE 2® MILLIARD

Le Conseil d'État reprendra ses séances à Paris. Les souscriptions aux bons de la défense nationale continuent à affluer. Le deuxième milliard est en bonne voie. La Banque de France a réintégré son siège à Paris. On annonce la mort au champ d'honneur de plusieurs de nos concitoyens. Un petit-fils de Garibaldi est tombé en Argonne.

Le Conseil d'État reprendra ses séances à Paris. Les souscriptions aux bons de la défense nationale continuent à affluer. Le deuxième milliard est en bonne voie. La Banque de France a réintégré son siège à Paris. On annonce la mort au champ d'honneur de plusieurs de nos concitoyens. Un petit-fils de Garibaldi est tombé en Argonne.

Le Conseil d'État reprendra ses séances à Paris. Les souscriptions aux bons de la défense nationale continuent à affluer. Le deuxième milliard est en bonne voie. La Banque de France a réintégré son siège à Paris. On annonce la mort au champ d'honneur de plusieurs de nos concitoyens. Un petit-fils de Garibaldi est tombé en Argonne.

Le Conseil d'État reprendra ses séances à Paris. Les souscriptions aux bons de la défense nationale continuent à affluer. Le deuxième milliard est en bonne voie. La Banque de France a réintégré son siège à Paris. On annonce la mort au champ d'honneur de plusieurs de nos concitoyens. Un petit-fils de Garibaldi est tombé en Argonne.

LE MORATORIUM

Le Conseil d'État reprendra ses séances à Paris. Les souscriptions aux bons de la défense nationale continuent à affluer. Le deuxième milliard est en bonne voie. La Banque de France a réintégré son siège à Paris. On annonce la mort au champ d'honneur de plusieurs de nos concitoyens. Un petit-fils de Garibaldi est tombé en Argonne.

Le Conseil d'État reprendra ses séances à Paris. Les souscriptions aux bons de la défense nationale continuent à affluer. Le deuxième milliard est en bonne voie. La Banque de France a réintégré son siège à Paris. On annonce la mort au champ d'honneur de plusieurs de nos concitoyens. Un petit-fils de Garibaldi est tombé en Argonne.

LA BANQUE DE FRANCE A PARIS

Le Conseil d'État reprendra ses séances à Paris. Les souscriptions aux bons de la défense nationale continuent à affluer. Le deuxième milliard est en bonne voie. La Banque de France a réintégré son siège à Paris. On annonce la mort au champ d'honneur de plusieurs de nos concitoyens. Un petit-fils de Garibaldi est tombé en Argonne.

TOMBÉS AU CHAMP D'HONNEUR

Le Conseil d'État reprendra ses séances à Paris. Les souscriptions aux bons de la défense nationale continuent à affluer. Le deuxième milliard est en bonne voie. La Banque de France a réintégré son siège à Paris. On annonce la mort au champ d'honneur de plusieurs de nos concitoyens. Un petit-fils de Garibaldi est tombé en Argonne.

Le Conseil d'État reprendra ses séances à Paris. Les souscriptions aux bons de la défense nationale continuent à affluer. Le deuxième milliard est en bonne voie. La Banque de France a réintégré son siège à Paris. On annonce la mort au champ d'honneur de plusieurs de nos concitoyens. Un petit-fils de Garibaldi est tombé en Argonne.

Le Conseil d'État reprendra ses séances à Paris. Les souscriptions aux bons de la défense nationale continuent à affluer. Le deuxième milliard est en bonne voie. La Banque de France a réintégré son siège à Paris. On annonce la mort au champ d'honneur de plusieurs de nos concitoyens. Un petit-fils de Garibaldi est tombé en Argonne.

Le Conseil d'État reprendra ses séances à Paris. Les souscriptions aux bons de la défense nationale continuent à affluer. Le deuxième milliard est en bonne voie. La Banque de France a réintégré son siège à Paris. On annonce la mort au champ d'honneur de plusieurs de nos concitoyens. Un petit-fils de Garibaldi est tombé en Argonne.

Un petit-fils de Garibaldi meurt sous les drapeaux

Le Conseil d'État reprendra ses séances à Paris. Les souscriptions aux bons de la défense nationale continuent à affluer. Le deuxième milliard est en bonne voie. La Banque de France a réintégré son siège à Paris. On annonce la mort au champ d'honneur de plusieurs de nos concitoyens. Un petit-fils de Garibaldi est tombé en Argonne.

POUR LA CIVILISATION LATINE

Le Conseil d'État reprendra ses séances à Paris. Les souscriptions aux bons de la défense nationale continuent à affluer. Le deuxième milliard est en bonne voie. La Banque de France a réintégré son siège à Paris. On annonce la mort au champ d'honneur de plusieurs de nos concitoyens. Un petit-fils de Garibaldi est tombé en Argonne.

Le Conseil d'État reprendra ses séances à Paris. Les souscriptions aux bons de la défense nationale continuent à affluer. Le deuxième milliard est en bonne voie. La Banque de France a réintégré son siège à Paris. On annonce la mort au champ d'honneur de plusieurs de nos concitoyens. Un petit-fils de Garibaldi est tombé en Argonne.

Les commerçants détaillants à la Chambre

Le Conseil d'État reprendra ses séances à Paris. Les souscriptions aux bons de la défense nationale continuent à affluer. Le deuxième milliard est en bonne voie. La Banque de France a réintégré son siège à Paris. On annonce la mort au champ d'honneur de plusieurs de nos concitoyens. Un petit-fils de Garibaldi est tombé en Argonne.

Le Conseil d'État reprendra ses séances à Paris. Les souscriptions aux bons de la défense nationale continuent à affluer. Le deuxième milliard est en bonne voie. La Banque de France a réintégré son siège à Paris. On annonce la mort au champ d'honneur de plusieurs de nos concitoyens. Un petit-fils de Garibaldi est tombé en Argonne.
